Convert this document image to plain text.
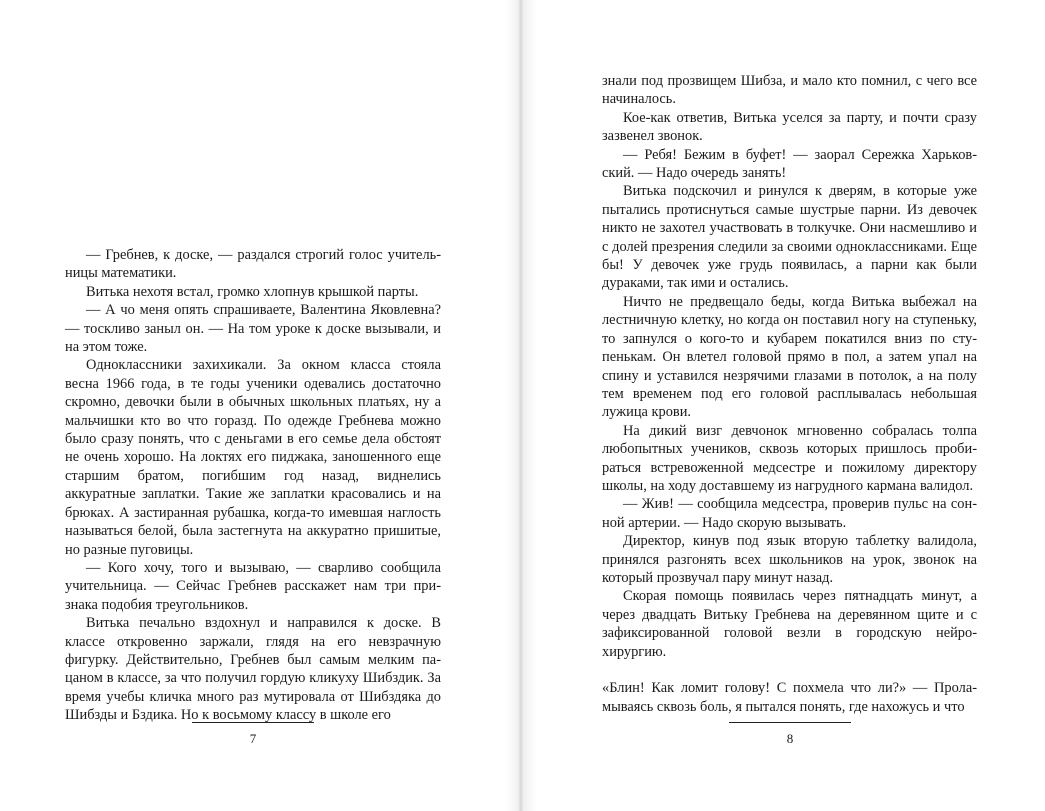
— Гребнев, к доске, — раздался строгий голос учительницы математики.

Витька нехотя встал, громко хлопнув крышкой парты.

— А чо меня опять спрашиваете, Валентина Яковлевна? — тоскливо заныл он. — На том уроке к доске вызывали, и на этом тоже.

Одноклассники захихикали. За окном класса стояла весна 1966 года, в те годы ученики одевались достаточно скромно, девочки были в обычных школьных платьях, ну а мальчишки кто во что горазд. По одежде Гребнева можно было сразу понять, что с деньгами в его семье дела обстоят не очень хорошо. На локтях его пиджака, заношенного еще старшим братом, погибшим год назад, виднелись аккуратные заплатки. Такие же заплатки красовались и на брюках. А застиранная рубашка, когда-то имевшая наглость называться белой, была застегнута на аккуратно пришитые, но разные пуговицы.

— Кого хочу, того и вызываю, — сварливо сообщила учительница. — Сейчас Гребнев расскажет нам три признака подобия треугольников.

Витька печально вздохнул и направился к доске. В классе откровенно заржали, глядя на его невзрачную фигурку. Действительно, Гребнев был самым мелким пацаном в классе, за что получил гордую кликуху Шибздик. За время учебы кличка много раз мутировала от Шибздяка до Шибзды и Бздика. Но к восьмому классу в школе его

7

знали под прозвищем Шибза, и мало кто помнил, с чего все начиналось.

Кое-как ответив, Витька уселся за парту, и почти сразу зазвенел звонок.

— Ребя! Бежим в буфет! — заорал Сережка Харьковский. — Надо очередь занять!

Витька подскочил и ринулся к дверям, в которые уже пытались протиснуться самые шустрые парни. Из девочек никто не захотел участвовать в толкучке. Они насмешливо и с долей презрения следили за своими одноклассниками. Еще бы! У девочек уже грудь появилась, а парни как были дураками, так ими и остались.

Ничто не предвещало беды, когда Витька выбежал на лестничную клетку, но когда он поставил ногу на ступеньку, то запнулся о кого-то и кубарем покатился вниз по ступенькам. Он влетел головой прямо в пол, а затем упал на спину и уставился незрячими глазами в потолок, а на полу тем временем под его головой расплывалась небольшая лужица крови.

На дикий визг девчонок мгновенно собралась толпа любопытных учеников, сквозь которых пришлось пробираться встревоженной медсестре и пожилому директору школы, на ходу доставшему из нагрудного кармана валидол.

— Жив! — сообщила медсестра, проверив пульс на сонной артерии. — Надо скорую вызывать.

Директор, кинув под язык вторую таблетку валидола, принялся разгонять всех школьников на урок, звонок на который прозвучал пару минут назад.

Скорая помощь появилась через пятнадцать минут, а через двадцать Витьку Гребнева на деревянном щите и с зафиксированной головой везли в городскую нейрохирургию.

«Блин! Как ломит голову! С похмела что ли?» — Проламываясь сквозь боль, я пытался понять, где нахожусь и что

8
